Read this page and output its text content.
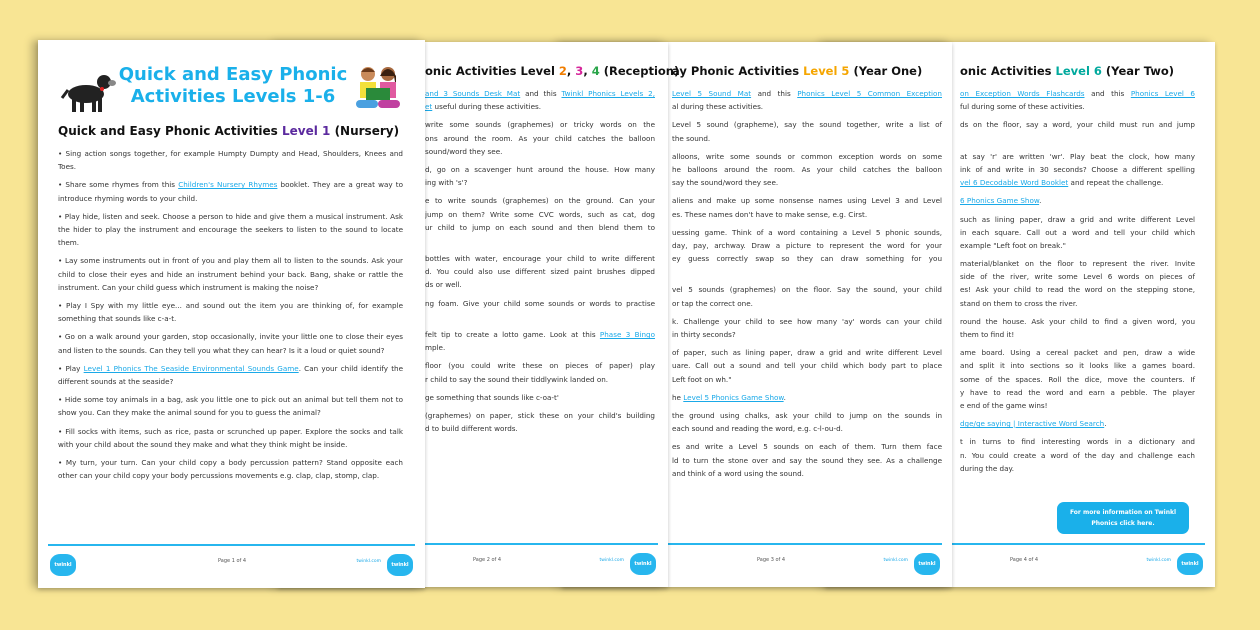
Quick and Easy Phonic Activities Levels 1-6
Quick and Easy Phonic Activities Level 1 (Nursery)
• Sing action songs together, for example Humpty Dumpty and Head, Shoulders, Knees and Toes.
• Share some rhymes from this Children's Nursery Rhymes booklet. They are a great way to introduce rhyming words to your child.
• Play hide, listen and seek. Choose a person to hide and give them a musical instrument. Ask the hider to play the instrument and encourage the seekers to listen to the sound to locate them.
• Lay some instruments out in front of you and play them all to listen to the sounds. Ask your child to close their eyes and hide an instrument behind your back. Bang, shake or rattle the instrument. Can your child guess which instrument is making the noise?
• Play I Spy with my little eye... and sound out the item you are thinking of, for example something that sounds like c-a-t.
• Go on a walk around your garden, stop occasionally, invite your little one to close their eyes and listen to the sounds. Can they tell you what they can hear? Is it a loud or quiet sound?
• Play Level 1 Phonics The Seaside Environmental Sounds Game. Can your child identify the different sounds at the seaside?
• Hide some toy animals in a bag, ask you little one to pick out an animal but tell them not to show you. Can they make the animal sound for you to guess the animal?
• Fill socks with items, such as rice, pasta or scrunched up paper. Explore the socks and talk with your child about the sound they make and what they think might be inside.
• My turn, your turn. Can your child copy a body percussion pattern? Stand opposite each other can your child copy your body percussions movements e.g. clap, clap, stomp, clap.
twinkl
Page 1 of 4	twinkl.com
twinkl
onic Activities Level 2, 3, 4 (Reception)
and 3 Sounds Desk Mat and this Twinkl Phonics Levels 2,
et useful during these activities.
write some sounds (graphemes) or tricky words on the
ons around the room. As your child catches the balloon
sound/word they see.
d, go on a scavenger hunt around the house. How many
ing with 's'?
e to write sounds (graphemes) on the ground. Can your
jump on them? Write some CVC words, such as cat, dog
ur child to jump on each sound and then blend them to
bottles with water, encourage your child to write different
d. You could also use different sized paint brushes dipped
ds or well.
ng foam. Give your child some sounds or words to practise
felt tip to create a lotto game. Look at this Phase 3 Bingo
mple.
floor (you could write these on pieces of paper) play
r child to say the sound their tiddlywink landed on.
ge something that sounds like c-oa-t'
(graphemes) on paper, stick these on your child's building
d to build different words.
Page 2 of 4	twinkl.com
twinkl
ay Phonic Activities Level 5 (Year One)
Level 5 Sound Mat and this Phonics Level 5 Common Exception
al during these activities.
Level 5 sound (grapheme), say the sound together, write a list of
the sound.
alloons, write some sounds or common exception words on some
he balloons around the room. As your child catches the balloon
say the sound/word they see.
aliens and make up some nonsense names using Level 3 and Level
es. These names don't have to make sense, e.g. Cirst.
uessing game. Think of a word containing a Level 5 phonic sounds,
day, pay, archway. Draw a picture to represent the word for your
ey guess correctly swap so they can draw something for you
vel 5 sounds (graphemes) on the floor. Say the sound, your child
or tap the correct one.
k. Challenge your child to see how many 'ay' words can your child
in thirty seconds?
of paper, such as lining paper, draw a grid and write different Level
uare. Call out a sound and tell your child which body part to place
Left foot on wh."
he Level 5 Phonics Game Show.
the ground using chalks, ask your child to jump on the sounds in
each sound and reading the word, e.g. c-l-ou-d.
es and write a Level 5 sounds on each of them. Turn them face
ld to turn the stone over and say the sound they see. As a challenge
and think of a word using the sound.
Page 3 of 4	twinkl.com
twinkl
onic Activities Level 6 (Year Two)
on Exception Words Flashcards and this Phonics Level 6
ful during some of these activities.
ds on the floor, say a word, your child must run and jump
at say 'r' are written 'wr'. Play beat the clock, how many
ink of and write in 30 seconds? Choose a different spelling
vel 6 Decodable Word Booklet and repeat the challenge.
6 Phonics Game Show.
such as lining paper, draw a grid and write different Level
in each square. Call out a word and tell your child which
example "Left foot on break."
material/blanket on the floor to represent the river. Invite
side of the river, write some Level 6 words on pieces of
es! Ask your child to read the word on the stepping stone,
stand on them to cross the river.
round the house. Ask your child to find a given word, you
them to find it!
ame board. Using a cereal packet and pen, draw a wide
and split it into sections so it looks like a games board.
some of the spaces. Roll the dice, move the counters. If
y have to read the word and earn a pebble. The player
e end of the game wins!
dge/ge saying | Interactive Word Search.
t in turns to find interesting words in a dictionary and
n. You could create a word of the day and challenge each
during the day.
For more information on Twinkl Phonics click here.
Page 4 of 4	twinkl.com
twinkl
